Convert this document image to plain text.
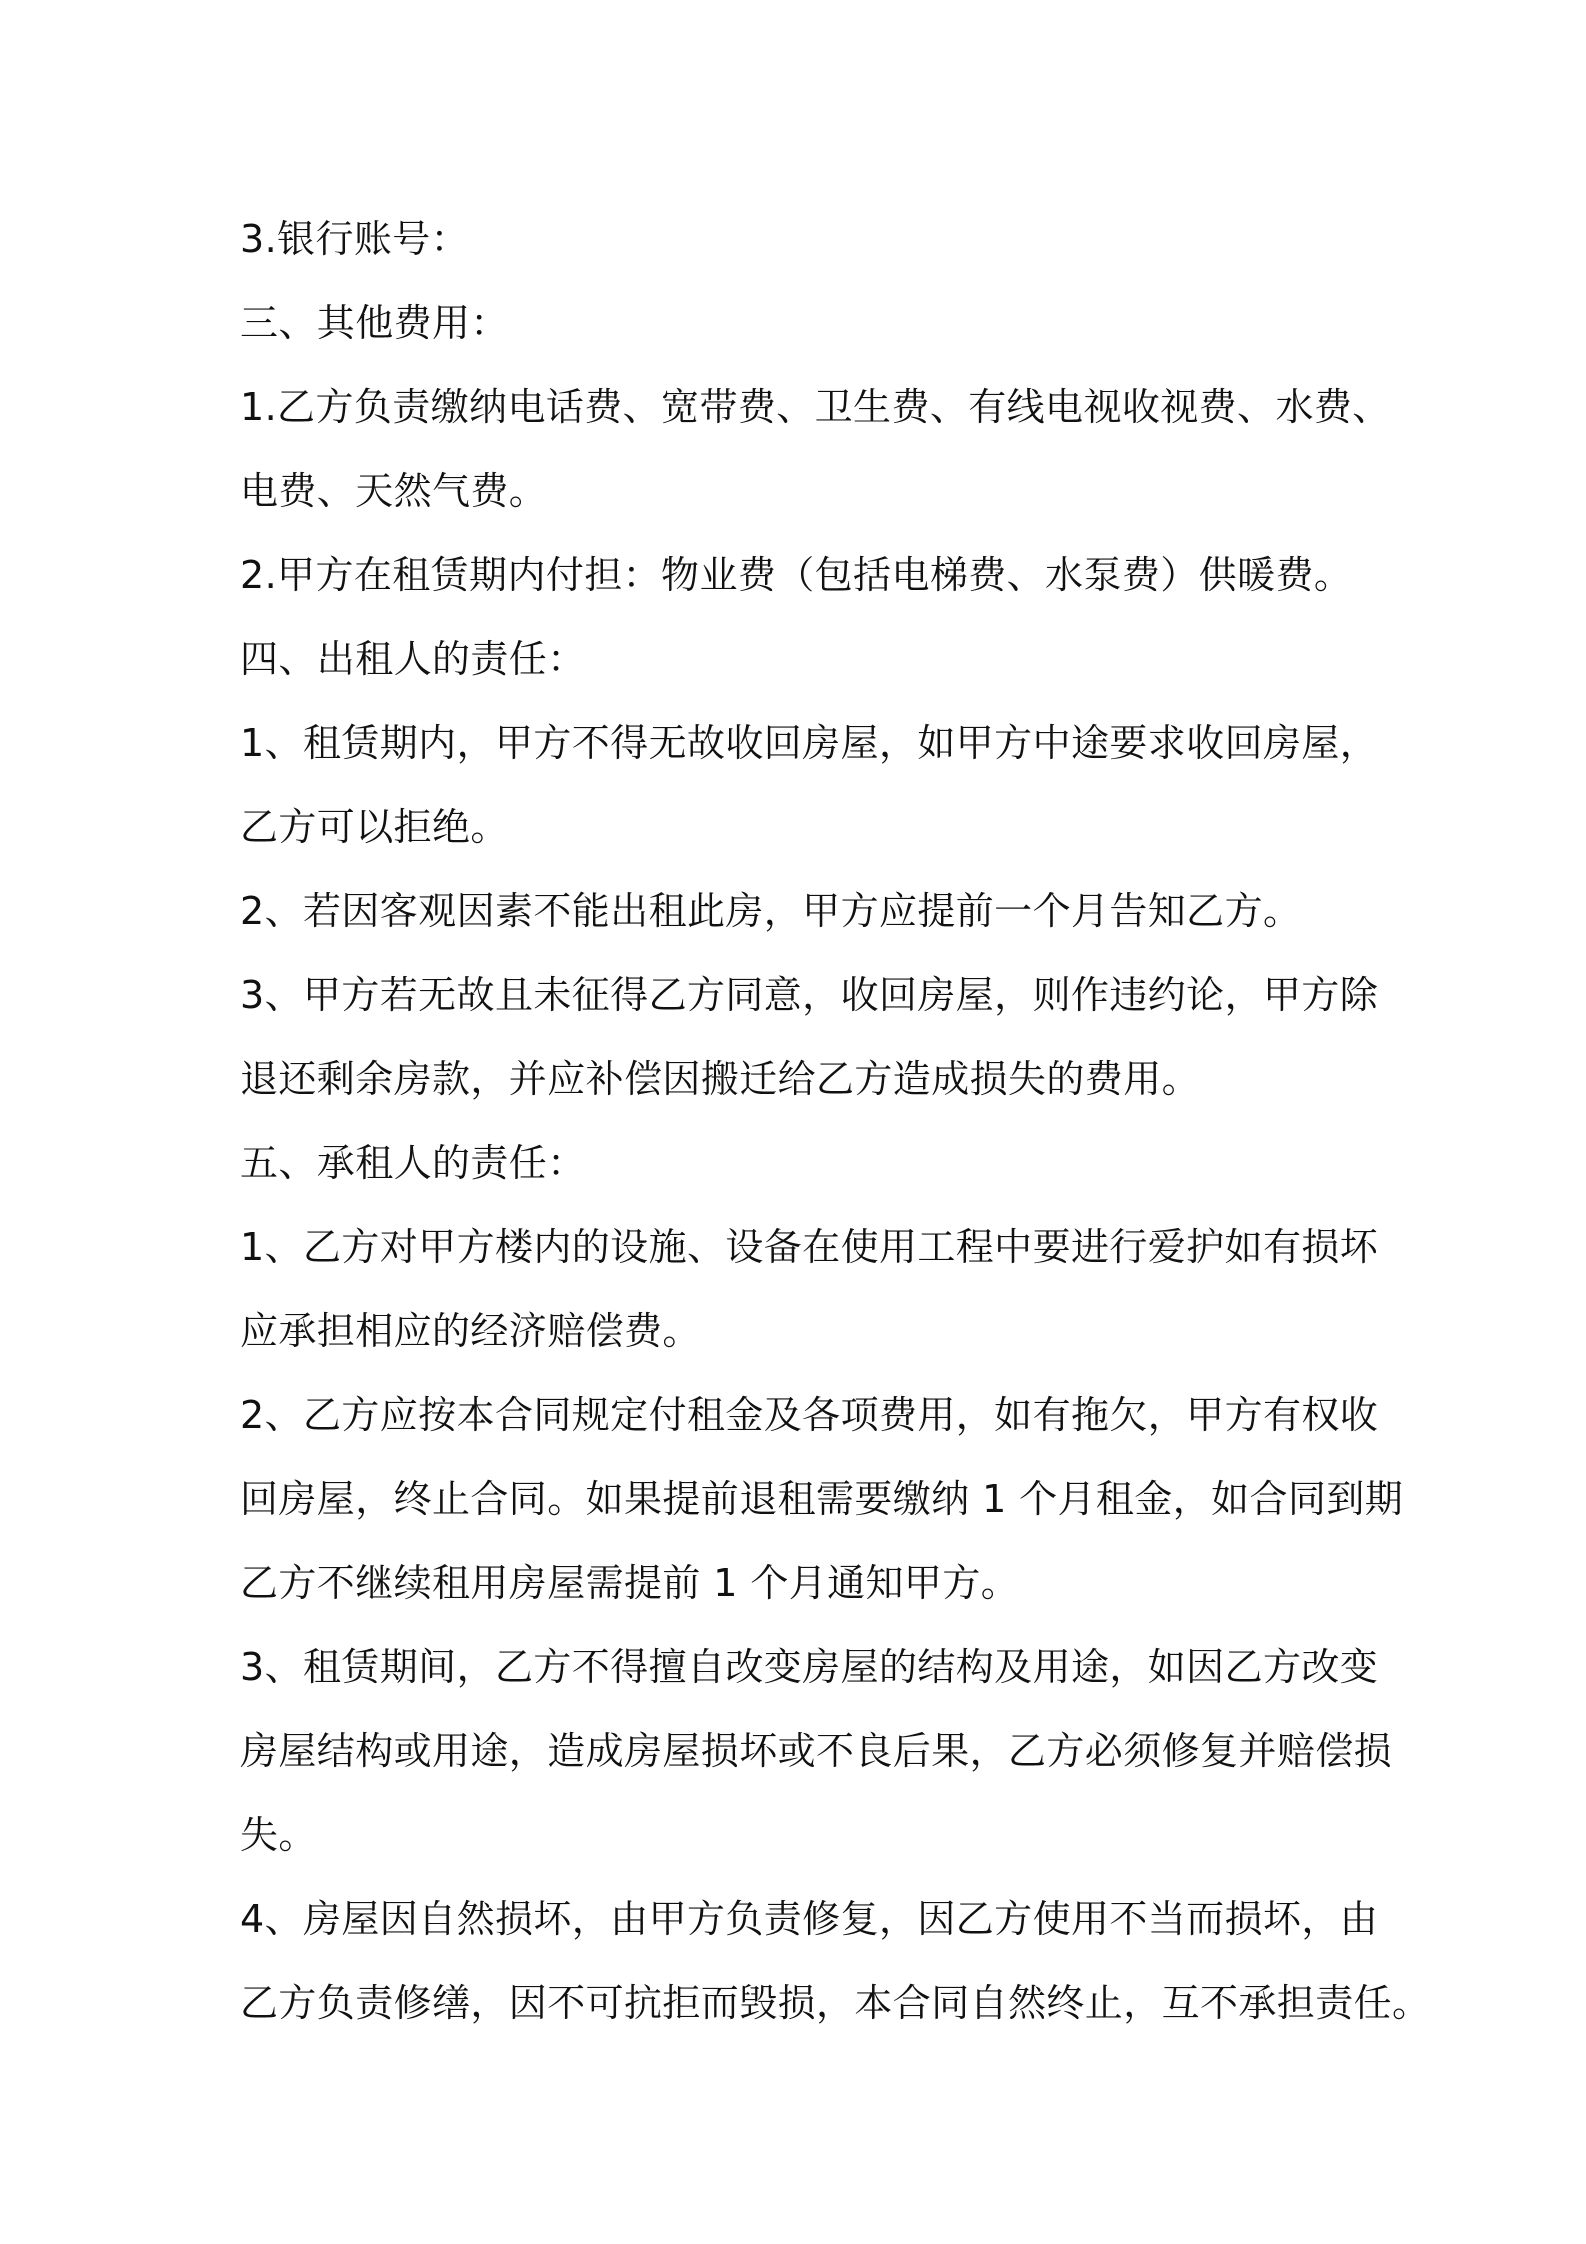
3.银行账号：
三、其他费用：
1.乙方负责缴纳电话费、宽带费、卫生费、有线电视收视费、水费、
电费、天然气费。
2.甲方在租赁期内付担：物业费（包括电梯费、水泵费）供暖费。
四、出租人的责任：
1、租赁期内，甲方不得无故收回房屋，如甲方中途要求收回房屋，
乙方可以拒绝。
2、若因客观因素不能出租此房，甲方应提前一个月告知乙方。
3、甲方若无故且未征得乙方同意，收回房屋，则作违约论，甲方除
退还剩余房款，并应补偿因搬迁给乙方造成损失的费用。
五、承租人的责任：
1、乙方对甲方楼内的设施、设备在使用工程中要进行爱护如有损坏
应承担相应的经济赔偿费。
2、乙方应按本合同规定付租金及各项费用，如有拖欠，甲方有权收
回房屋，终止合同。如果提前退租需要缴纳 1 个月租金，如合同到期
乙方不继续租用房屋需提前 1 个月通知甲方。
3、租赁期间，乙方不得擅自改变房屋的结构及用途，如因乙方改变
房屋结构或用途，造成房屋损坏或不良后果，乙方必须修复并赔偿损
失。
4、房屋因自然损坏，由甲方负责修复，因乙方使用不当而损坏，由
乙方负责修缮，因不可抗拒而毁损，本合同自然终止，互不承担责任。
